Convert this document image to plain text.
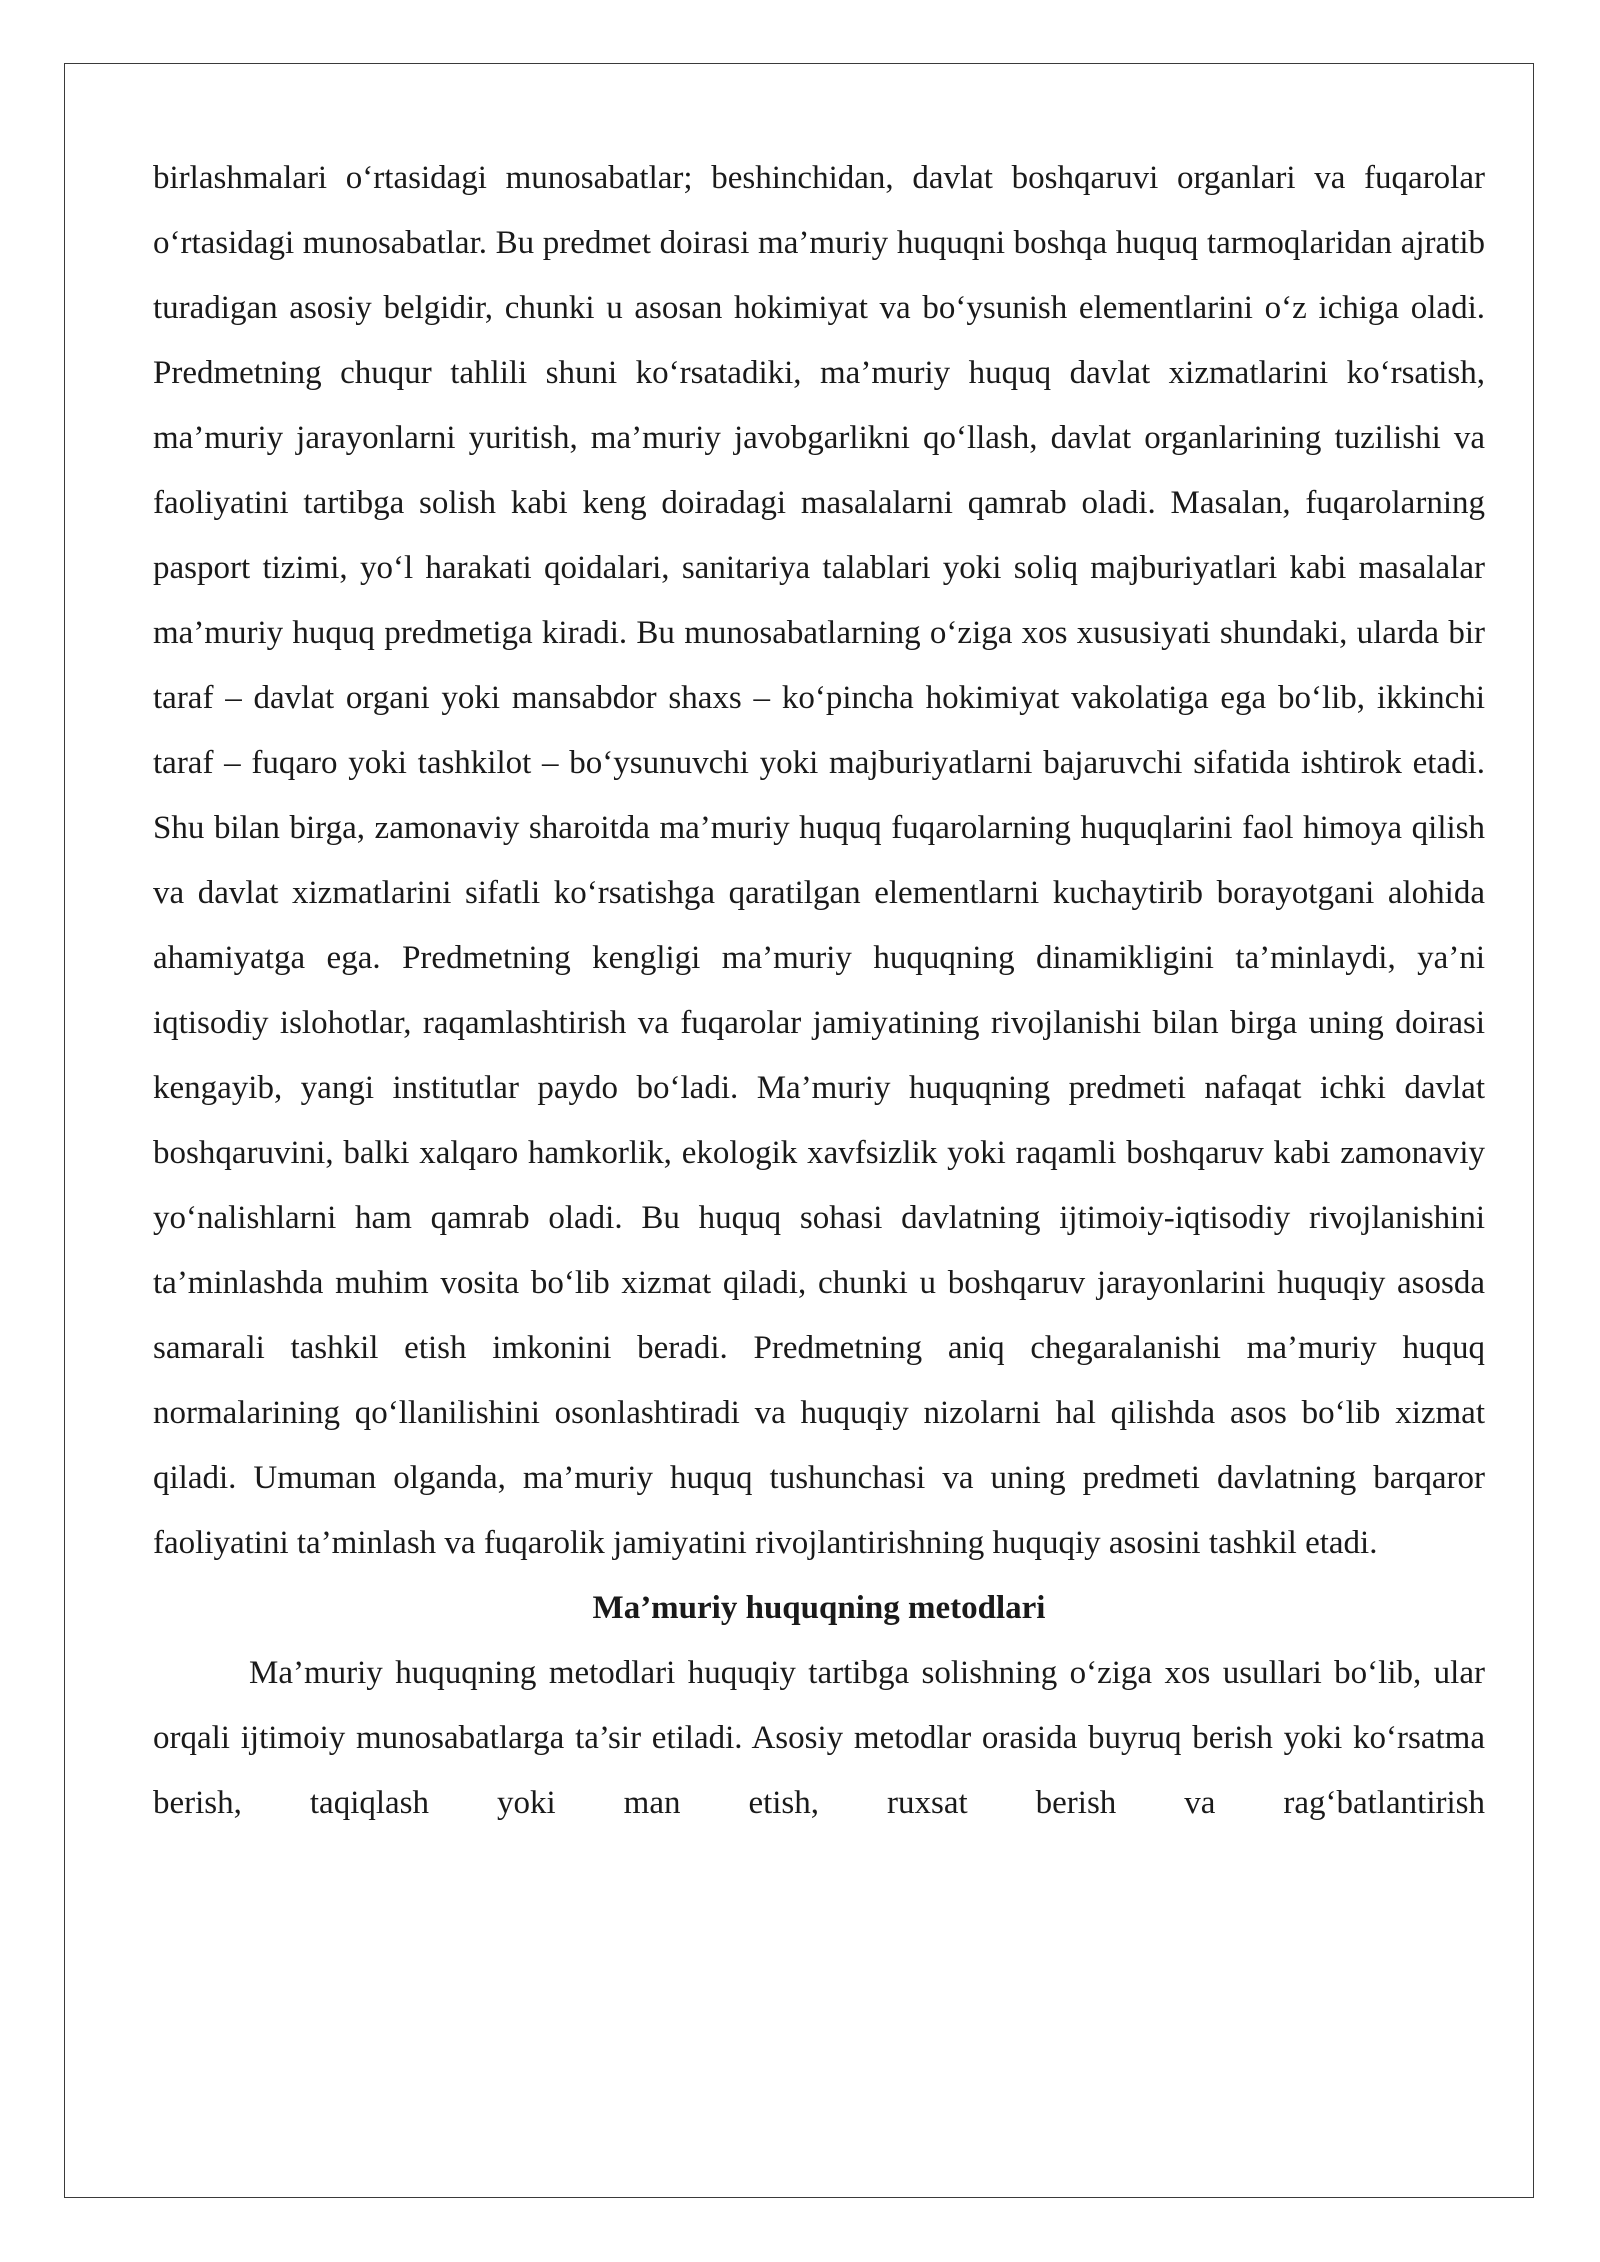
birlashmalari o‘rtasidagi munosabatlar; beshinchidan, davlat boshqaruvi organlari va fuqarolar o‘rtasidagi munosabatlar. Bu predmet doirasi ma’muriy huquqni boshqa huquq tarmoqlaridan ajratib turadigan asosiy belgidir, chunki u asosan hokimiyat va bo‘ysunish elementlarini o‘z ichiga oladi. Predmetning chuqur tahlili shuni ko‘rsatadiki, ma’muriy huquq davlat xizmatlarini ko‘rsatish, ma’muriy jarayonlarni yuritish, ma’muriy javobgarlikni qo‘llash, davlat organlarining tuzilishi va faoliyatini tartibga solish kabi keng doiradagi masalalarni qamrab oladi. Masalan, fuqarolarning pasport tizimi, yo‘l harakati qoidalari, sanitariya talablari yoki soliq majburiyatlari kabi masalalar ma’muriy huquq predmetiga kiradi. Bu munosabatlarning o‘ziga xos xususiyati shundaki, ularda bir taraf – davlat organi yoki mansabdor shaxs – ko‘pincha hokimiyat vakolatiga ega bo‘lib, ikkinchi taraf – fuqaro yoki tashkilot – bo‘ysunuvchi yoki majburiyatlarni bajaruvchi sifatida ishtirok etadi. Shu bilan birga, zamonaviy sharoitda ma’muriy huquq fuqarolarning huquqlarini faol himoya qilish va davlat xizmatlarini sifatli ko‘rsatishga qaratilgan elementlarni kuchaytirib borayotgani alohida ahamiyatga ega. Predmetning kengligi ma’muriy huquqning dinamikligini ta’minlaydi, ya’ni iqtisodiy islohotlar, raqamlashtirish va fuqarolar jamiyatining rivojlanishi bilan birga uning doirasi kengayib, yangi institutlar paydo bo‘ladi. Ma’muriy huquqning predmeti nafaqat ichki davlat boshqaruvini, balki xalqaro hamkorlik, ekologik xavfsizlik yoki raqamli boshqaruv kabi zamonaviy yo‘nalishlarni ham qamrab oladi. Bu huquq sohasi davlatning ijtimoiy-iqtisodiy rivojlanishini ta’minlashda muhim vosita bo‘lib xizmat qiladi, chunki u boshqaruv jarayonlarini huquqiy asosda samarali tashkil etish imkonini beradi. Predmetning aniq chegaralanishi ma’muriy huquq normalarining qo‘llanilishini osonlashtiradi va huquqiy nizolarni hal qilishda asos bo‘lib xizmat qiladi. Umuman olganda, ma’muriy huquq tushunchasi va uning predmeti davlatning barqaror faoliyatini ta’minlash va fuqarolik jamiyatini rivojlantirishning huquqiy asosini tashkil etadi.

Ma’muriy huquqning metodlari

Ma’muriy huquqning metodlari huquqiy tartibga solishning o‘ziga xos usullari bo‘lib, ular orqali ijtimoiy munosabatlarga ta’sir etiladi. Asosiy metodlar orasida buyruq berish yoki ko‘rsatma berish, taqiqlash yoki man etish, ruxsat berish va rag‘batlantirish
